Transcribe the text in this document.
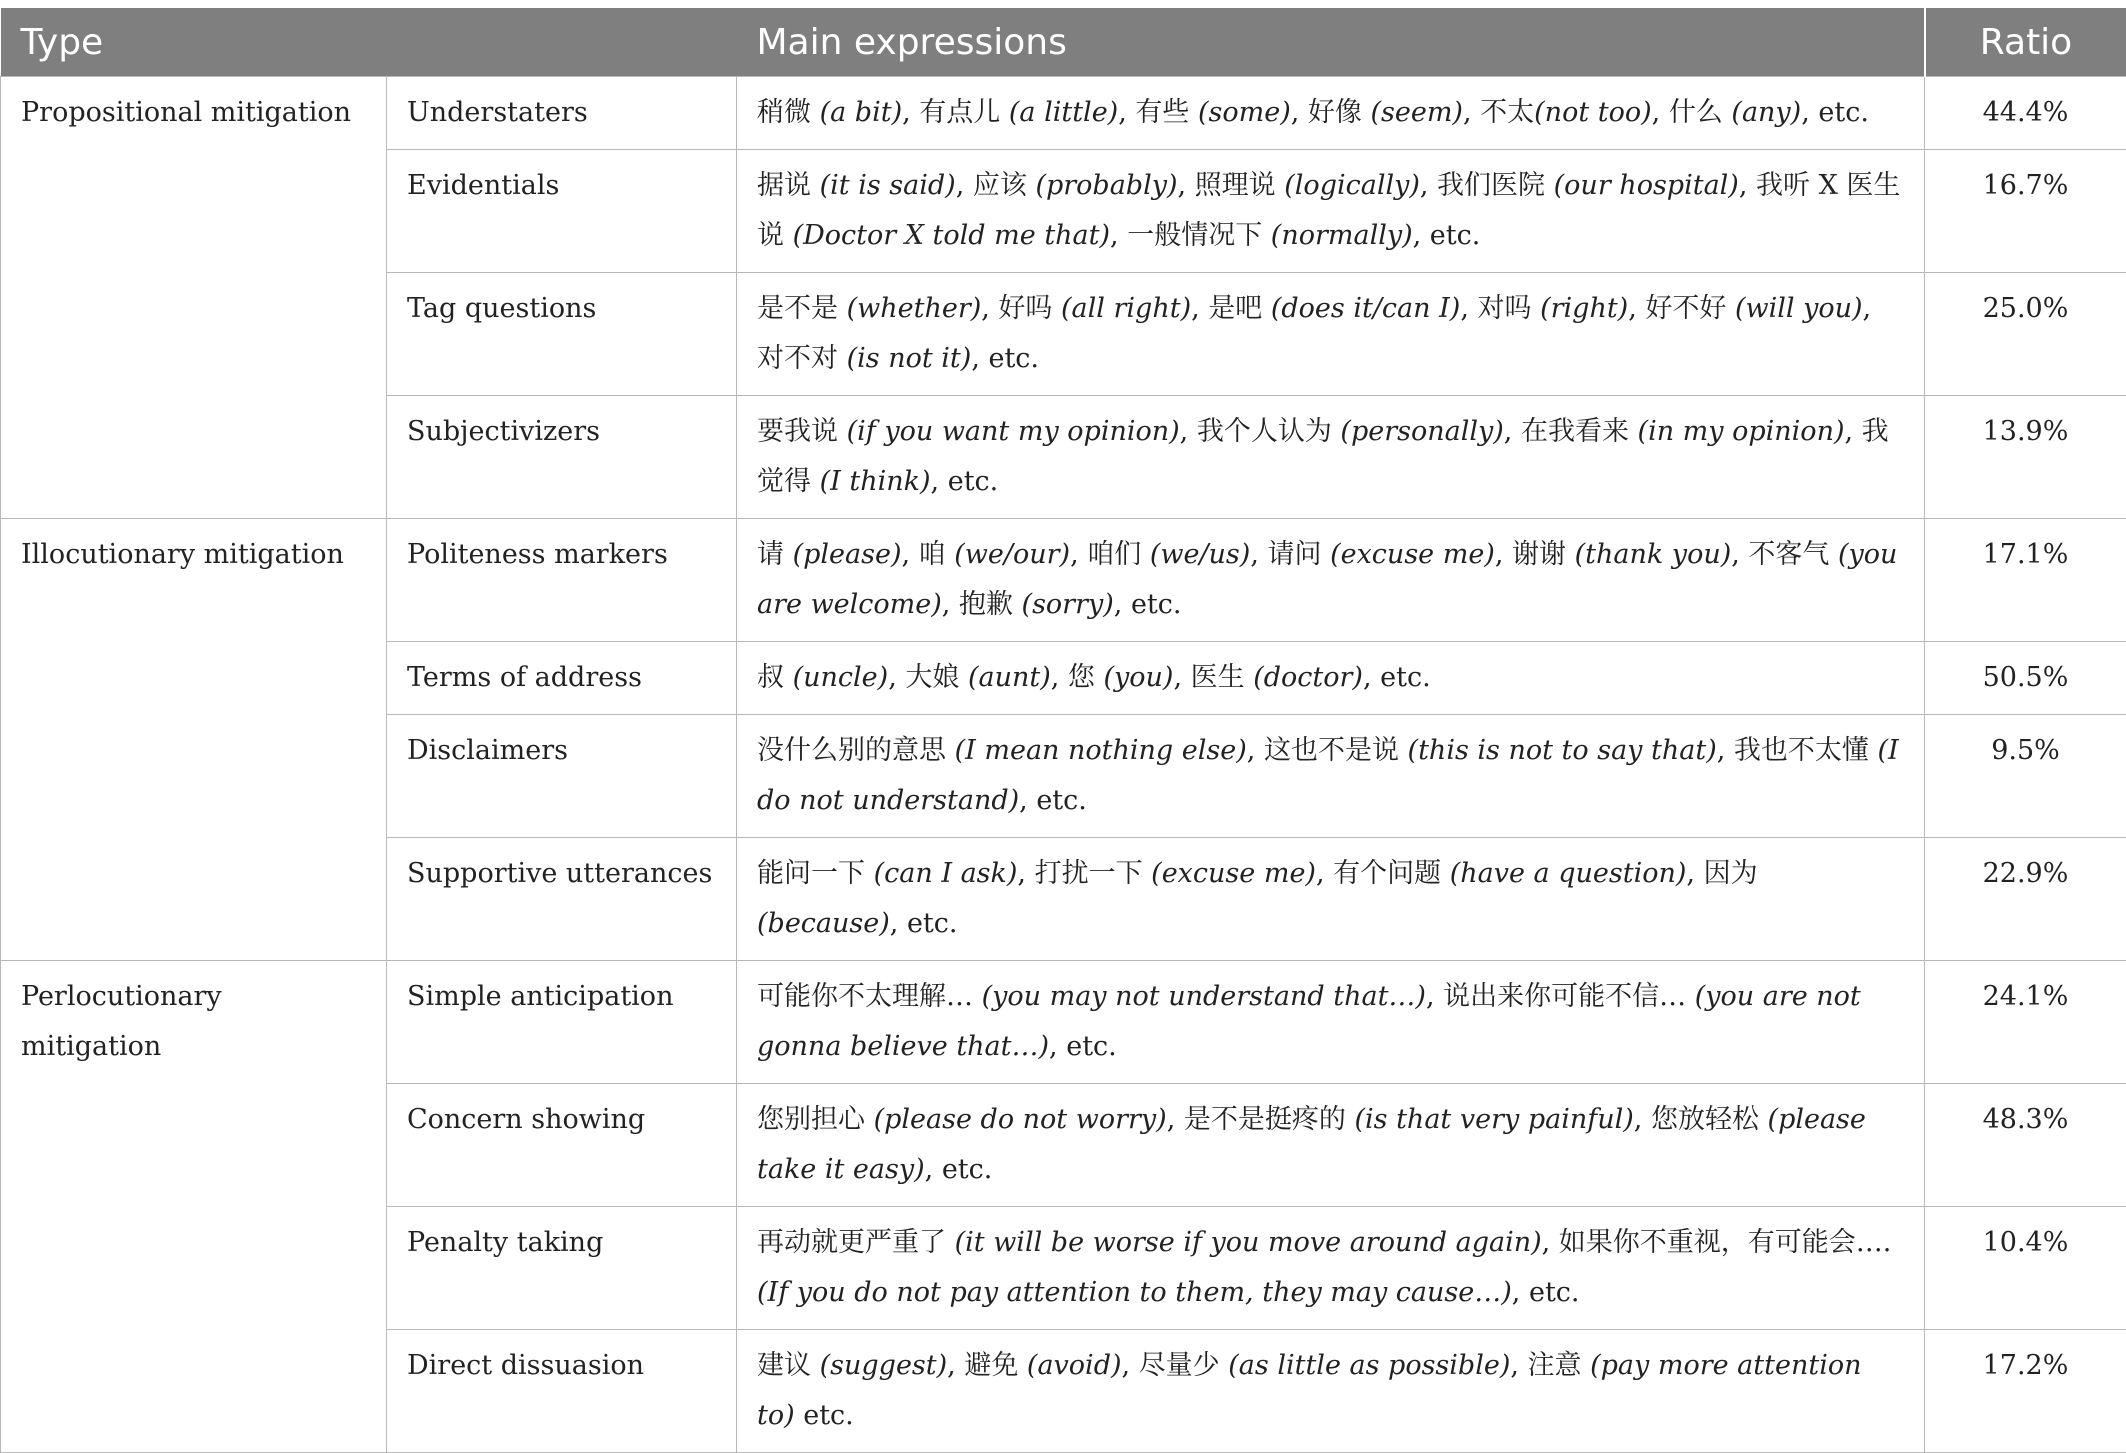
Type		Main expressions	Ratio
Propositional mitigation	Understaters	稍微 (a bit), 有点儿 (a little), 有些 (some), 好像 (seem), 不太(not too), 什么 (any), etc.	44.4%
	Evidentials	据说 (it is said), 应该 (probably), 照理说 (logically), 我们医院 (our hospital), 我听 X 医生说 (Doctor X told me that), 一般情况下 (normally), etc.	16.7%
	Tag questions	是不是 (whether), 好吗 (all right), 是吧 (does it/can I), 对吗 (right), 好不好 (will you), 对不对 (is not it), etc.	25.0%
	Subjectivizers	要我说 (if you want my opinion), 我个人认为 (personally), 在我看来 (in my opinion), 我觉得 (I think), etc.	13.9%
Illocutionary mitigation	Politeness markers	请 (please), 咱 (we/our), 咱们 (we/us), 请问 (excuse me), 谢谢 (thank you), 不客气 (you are welcome), 抱歉 (sorry), etc.	17.1%
	Terms of address	叔 (uncle), 大娘 (aunt), 您 (you), 医生 (doctor), etc.	50.5%
	Disclaimers	没什么别的意思 (I mean nothing else), 这也不是说 (this is not to say that), 我也不太懂 (I do not understand), etc.	9.5%
	Supportive utterances	能问一下 (can I ask), 打扰一下 (excuse me), 有个问题 (have a question), 因为 (because), etc.	22.9%
Perlocutionary mitigation	Simple anticipation	可能你不太理解… (you may not understand that…), 说出来你可能不信… (you are not gonna believe that…), etc.	24.1%
	Concern showing	您别担心 (please do not worry), 是不是挺疼的 (is that very painful), 您放轻松 (please take it easy), etc.	48.3%
	Penalty taking	再动就更严重了 (it will be worse if you move around again), 如果你不重视，有可能会….(If you do not pay attention to them, they may cause…), etc.	10.4%
	Direct dissuasion	建议 (suggest), 避免 (avoid), 尽量少 (as little as possible), 注意 (pay more attention to) etc.	17.2%
